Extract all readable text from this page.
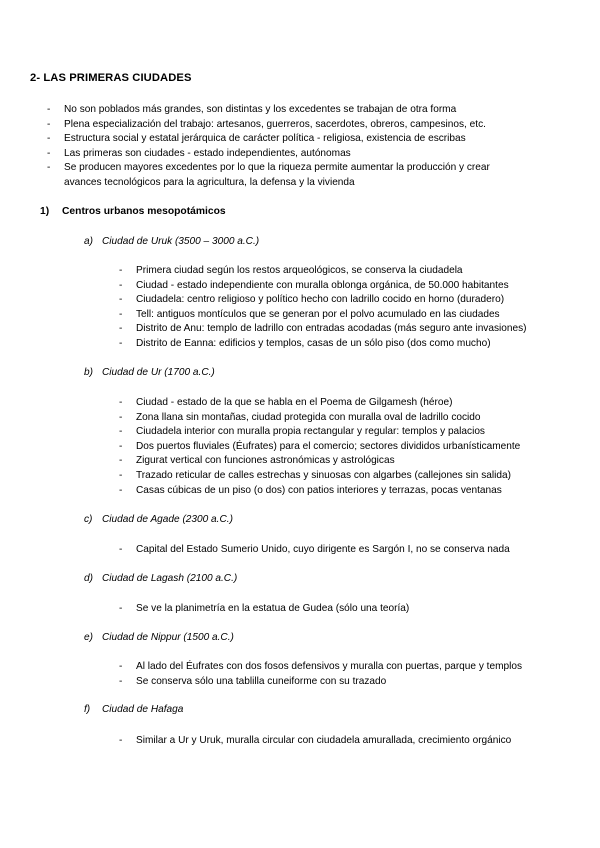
2- LAS PRIMERAS CIUDADES
- No son poblados más grandes, son distintas y los excedentes se trabajan de otra forma
- Plena especialización del trabajo: artesanos, guerreros, sacerdotes, obreros, campesinos, etc.
- Estructura social y estatal jerárquica de carácter política - religiosa, existencia de escribas
- Las primeras son ciudades - estado independientes, autónomas
- Se producen mayores excedentes por lo que la riqueza permite aumentar la producción y crear
avances tecnológicos para la agricultura, la defensa y la vivienda
1) Centros urbanos mesopotámicos
a) Ciudad de Uruk (3500 – 3000 a.C.)
- Primera ciudad según los restos arqueológicos, se conserva la ciudadela
- Ciudad - estado independiente con muralla oblonga orgánica, de 50.000 habitantes
- Ciudadela: centro religioso y político hecho con ladrillo cocido en horno (duradero)
- Tell: antiguos montículos que se generan por el polvo acumulado en las ciudades
- Distrito de Anu: templo de ladrillo con entradas acodadas (más seguro ante invasiones)
- Distrito de Eanna: edificios y templos, casas de un sólo piso (dos como mucho)
b) Ciudad de Ur (1700 a.C.)
- Ciudad - estado de la que se habla en el Poema de Gilgamesh (héroe)
- Zona llana sin montañas, ciudad protegida con muralla oval de ladrillo cocido
- Ciudadela interior con muralla propia rectangular y regular: templos y palacios
- Dos puertos fluviales (Éufrates) para el comercio; sectores divididos urbanísticamente
- Zigurat vertical con funciones astronómicas y astrológicas
- Trazado reticular de calles estrechas y sinuosas con algarbes (callejones sin salida)
- Casas cúbicas de un piso (o dos) con patios interiores y terrazas, pocas ventanas
c) Ciudad de Agade (2300 a.C.)
- Capital del Estado Sumerio Unido, cuyo dirigente es Sargón I, no se conserva nada
d) Ciudad de Lagash (2100 a.C.)
- Se ve la planimetría en la estatua de Gudea (sólo una teoría)
e) Ciudad de Nippur (1500 a.C.)
- Al lado del Éufrates con dos fosos defensivos y muralla con puertas, parque y templos
- Se conserva sólo una tablilla cuneiforme con su trazado
f) Ciudad de Hafaga
- Similar a Ur y Uruk, muralla circular con ciudadela amurallada, crecimiento orgánico
